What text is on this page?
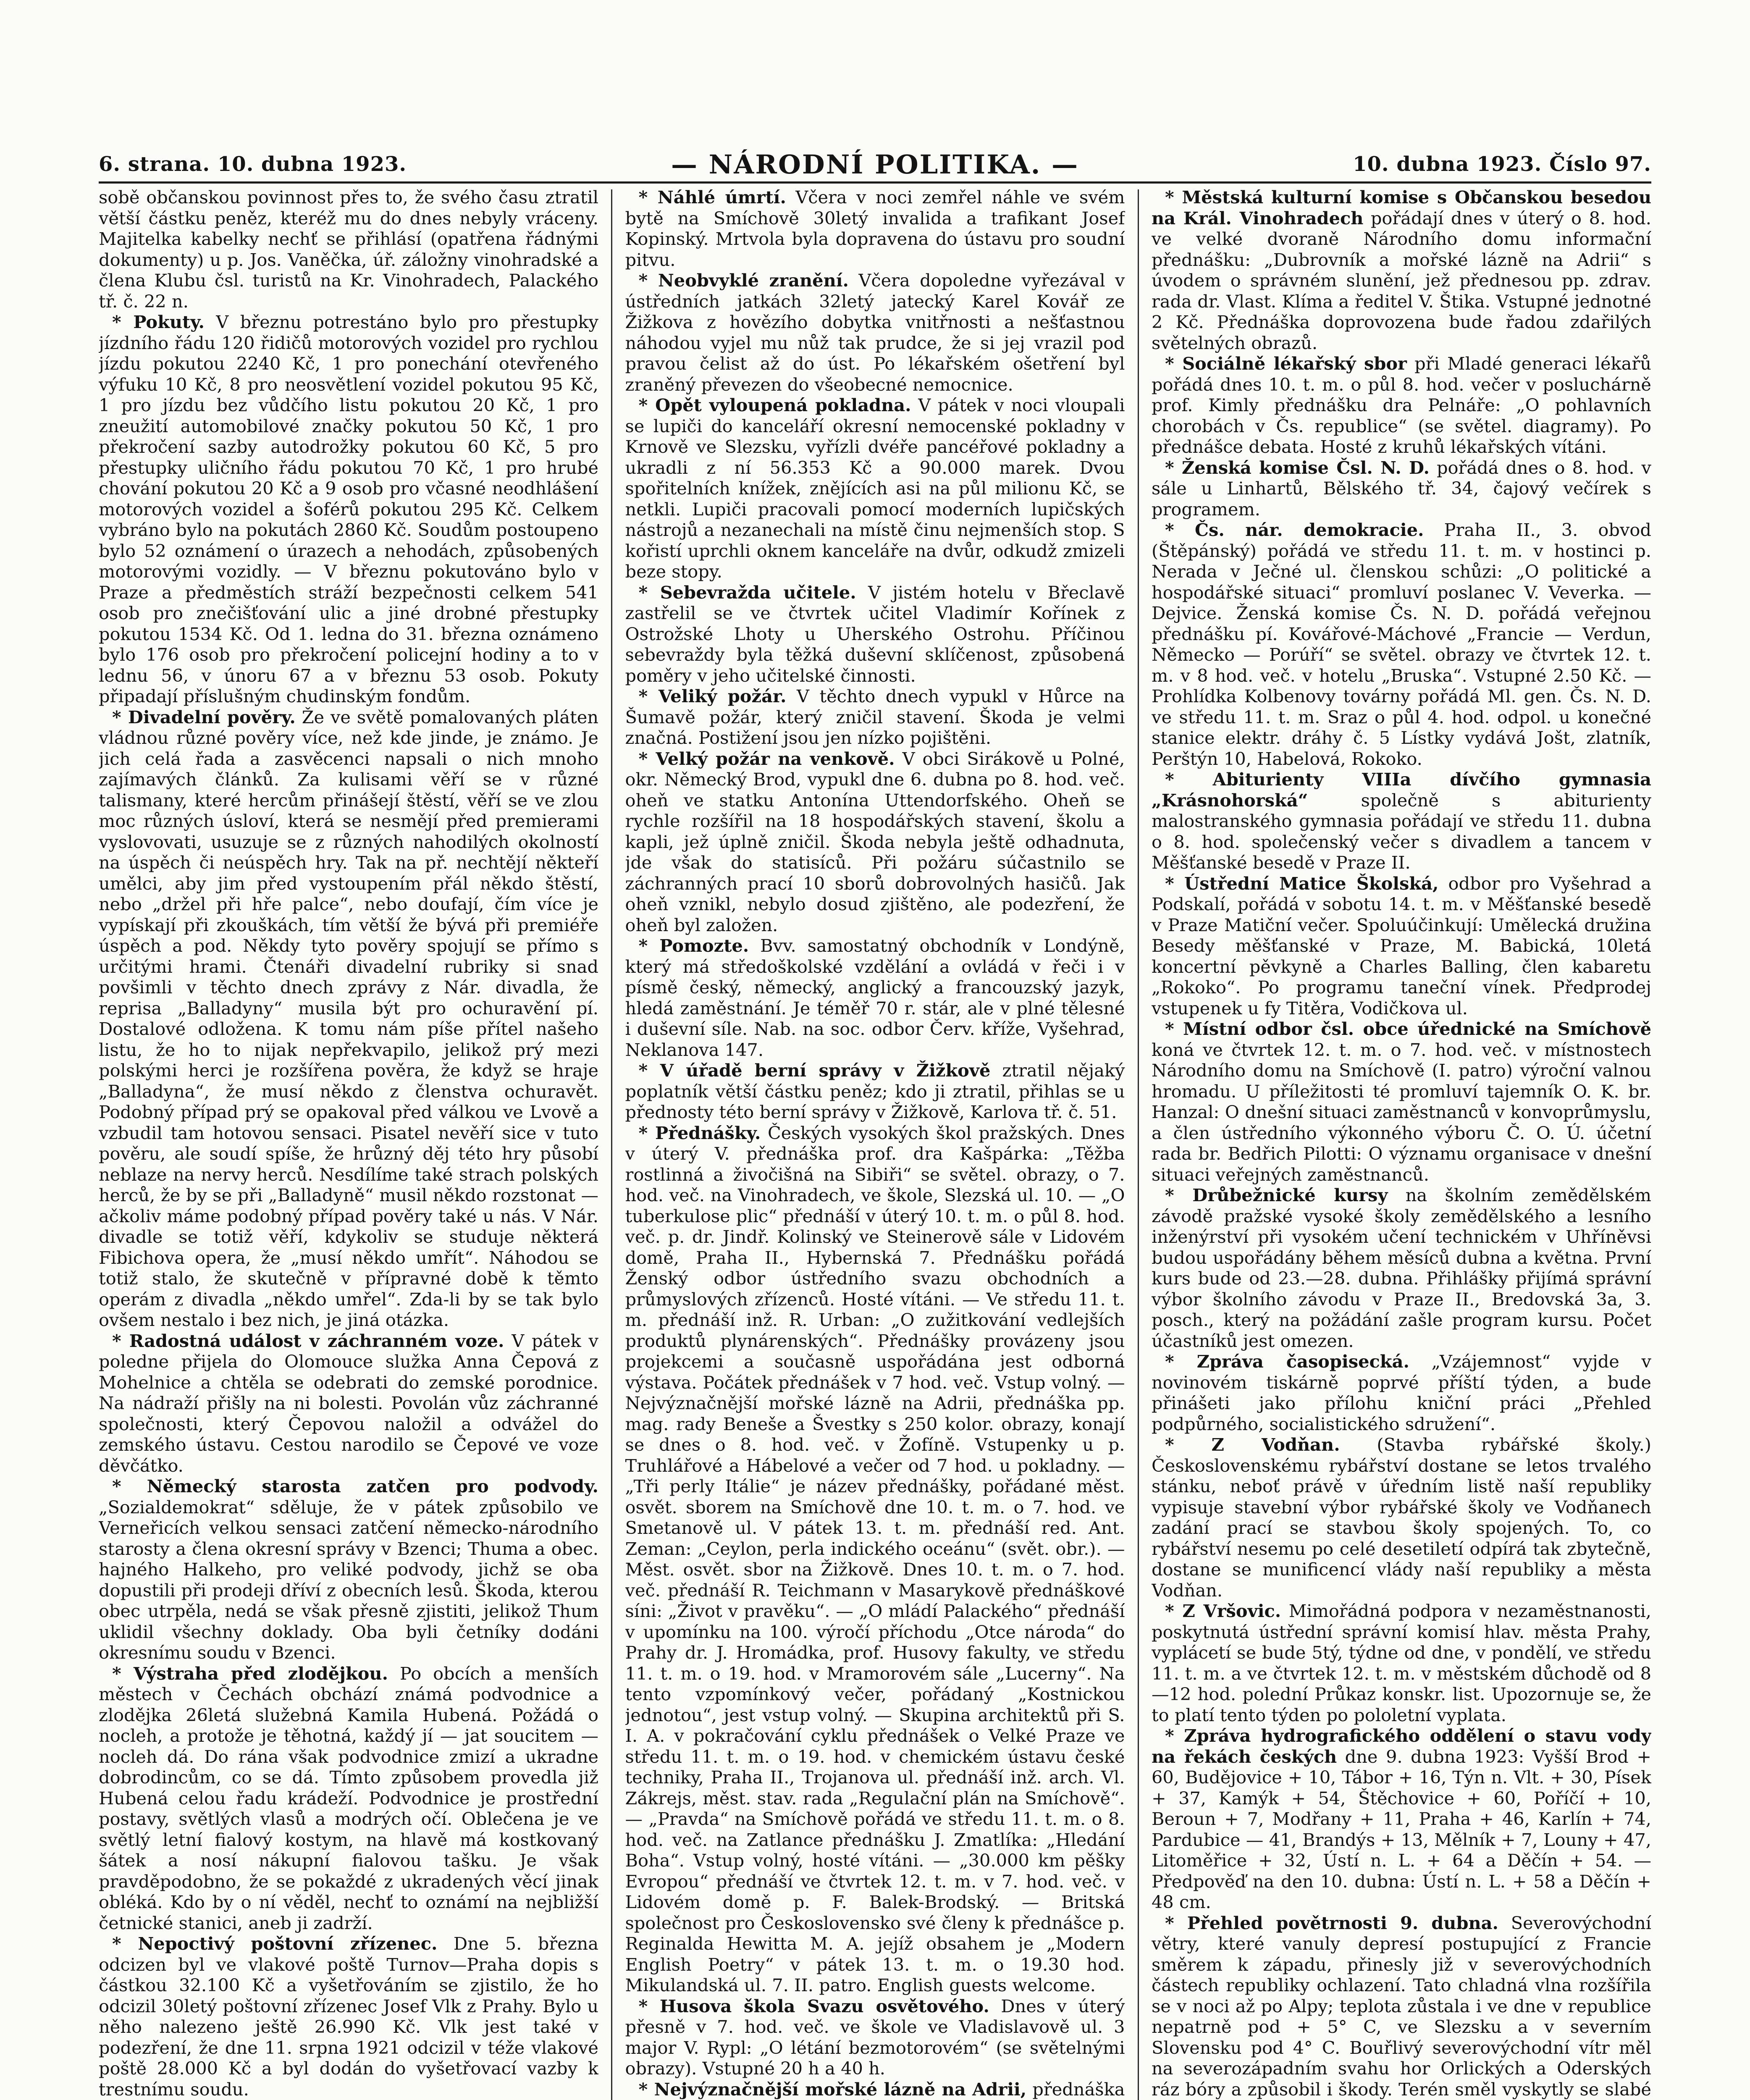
6. strana. 10. dubna 1923.	— NÁRODNÍ POLITIKA. —	10. dubna 1923. Číslo 97.

sobě občanskou povinnost přes to, že svého času ztratil větší částku peněz, kteréž mu do dnes nebyly vráceny. Majitelka kabelky nechť se přihlásí (opatřena řádnými dokumenty) u p. Jos. Vaněčka, úř. záložny vinohradské a člena Klubu čsl. turistů na Kr. Vinohradech, Palackého tř. č. 22 n.

* Pokuty. V březnu potrestáno bylo pro přestupky jízdního řádu 120 řidičů motorových vozidel pro rychlou jízdu pokutou 2240 Kč, 1 pro ponechání otevřeného výfuku 10 Kč, 8 pro neosvětlení vozidel pokutou 95 Kč, 1 pro jízdu bez vůdčího listu pokutou 20 Kč, 1 pro zneužití automobilové značky pokutou 50 Kč, 1 pro překročení sazby autodrožky pokutou 60 Kč, 5 pro přestupky uličního řádu pokutou 70 Kč, 1 pro hrubé chování pokutou 20 Kč a 9 osob pro včasné neodhlášení motorových vozidel a šoférů pokutou 295 Kč. Celkem vybráno bylo na pokutách 2860 Kč. Soudům postoupeno bylo 52 oznámení o úrazech a nehodách, způsobených motorovými vozidly. — V březnu pokutováno bylo v Praze a předměstích stráží bezpečnosti celkem 541 osob pro znečišťování ulic a jiné drobné přestupky pokutou 1534 Kč. Od 1. ledna do 31. března oznámeno bylo 176 osob pro překročení policejní hodiny a to v lednu 56, v únoru 67 a v březnu 53 osob. Pokuty připadají příslušným chudinským fondům.

* Divadelní pověry. Že ve světě pomalovaných pláten vládnou různé pověry více, než kde jinde, je známo. Je jich celá řada a zasvěcenci napsali o nich mnoho zajímavých článků. Za kulisami věří se v různé talismany, které hercům přinášejí štěstí, věří se ve zlou moc různých úsloví, která se nesmějí před premierami vyslovovati, usuzuje se z různých nahodilých okolností na úspěch či neúspěch hry. Tak na př. nechtějí někteří umělci, aby jim před vystoupením přál někdo štěstí, nebo „držel při hře palce“, nebo doufají, čím více je vypískají při zkouškách, tím větší že bývá při premiéře úspěch a pod. Někdy tyto pověry spojují se přímo s určitými hrami. Čtenáři divadelní rubriky si snad povšimli v těchto dnech zprávy z Nár. divadla, že reprisa „Balladyny“ musila být pro ochuravění pí. Dostalové odložena. K tomu nám píše přítel našeho listu, že ho to nijak nepřekvapilo, jelikož prý mezi polskými herci je rozšířena pověra, že když se hraje „Balladyna“, že musí někdo z členstva ochuravět. Podobný případ prý se opakoval před válkou ve Lvově a vzbudil tam hotovou sensaci. Pisatel nevěří sice v tuto pověru, ale soudí spíše, že hrůzný děj této hry působí neblaze na nervy herců. Nesdílíme také strach polských herců, že by se při „Balladyně“ musil někdo rozstonat — ačkoliv máme podobný případ pověry také u nás. V Nár. divadle se totiž věří, kdykoliv se studuje některá Fibichova opera, že „musí někdo umřít“. Náhodou se totiž stalo, že skutečně v přípravné době k těmto operám z divadla „někdo umřel“. Zda-li by se tak bylo ovšem nestalo i bez nich, je jiná otázka.

* Radostná událost v záchranném voze. V pátek v poledne přijela do Olomouce služka Anna Čepová z Mohelnice a chtěla se odebrati do zemské porodnice. Na nádraží přišly na ni bolesti. Povolán vůz záchranné společnosti, který Čepovou naložil a odvážel do zemského ústavu. Cestou narodilo se Čepové ve voze děvčátko.

* Německý starosta zatčen pro podvody. „Sozialdemokrat“ sděluje, že v pátek způsobilo ve Verneřicích velkou sensaci zatčení německo-národního starosty a člena okresní správy v Bzenci; Thuma a obec. hajného Halkeho, pro veliké podvody, jichž se oba dopustili při prodeji dříví z obecních lesů. Škoda, kterou obec utrpěla, nedá se však přesně zjistiti, jelikož Thum uklidil všechny doklady. Oba byli četníky dodáni okresnímu soudu v Bzenci.

* Výstraha před zlodějkou. Po obcích a menších městech v Čechách obchází známá podvodnice a zlodějka 26letá služebná Kamila Hubená. Požádá o nocleh, a protože je těhotná, každý jí — jat soucitem — nocleh dá. Do rána však podvodnice zmizí a ukradne dobrodincům, co se dá. Tímto způsobem provedla již Hubená celou řadu krádeží. Podvodnice je prostřední postavy, světlých vlasů a modrých očí. Oblečena je ve světlý letní fialový kostym, na hlavě má kostkovaný šátek a nosí nákupní fialovou tašku. Je však pravděpodobno, že se pokaždé z ukradených věcí jinak obléká. Kdo by o ní věděl, nechť to oznámí na nejbližší četnické stanici, aneb ji zadrží.

* Nepoctivý poštovní zřízenec. Dne 5. března odcizen byl ve vlakové poště Turnov—Praha dopis s částkou 32.100 Kč a vyšetřováním se zjistilo, že ho odcizil 30letý poštovní zřízenec Josef Vlk z Prahy. Bylo u něho nalezeno ještě 26.990 Kč. Vlk jest také v podezření, že dne 11. srpna 1921 odcizil v téže vlakové poště 28.000 Kč a byl dodán do vyšetřovací vazby k trestnímu soudu.

* Náhlé úmrtí. Včera v noci zemřel náhle ve svém bytě na Smíchově 30letý invalida a trafikant Josef Kopinský. Mrtvola byla dopravena do ústavu pro soudní pitvu.

* Neobvyklé zranění. Včera dopoledne vyřezával v ústředních jatkách 32letý jatecký Karel Kovář ze Žižkova z hovězího dobytka vnitřnosti a nešťastnou náhodou vyjel mu nůž tak prudce, že si jej vrazil pod pravou čelist až do úst. Po lékařském ošetření byl zraněný převezen do všeobecné nemocnice.

* Opět vyloupená pokladna. V pátek v noci vloupali se lupiči do kanceláří okresní nemocenské pokladny v Krnově ve Slezsku, vyřízli dvéře pancéřové pokladny a ukradli z ní 56.353 Kč a 90.000 marek. Dvou spořitelních knížek, znějících asi na půl milionu Kč, se netkli. Lupiči pracovali pomocí moderních lupičských nástrojů a nezanechali na místě činu nejmenších stop. S kořistí uprchli oknem kanceláře na dvůr, odkudž zmizeli beze stopy.

* Sebevražda učitele. V jistém hotelu v Břeclavě zastřelil se ve čtvrtek učitel Vladimír Kořínek z Ostrožské Lhoty u Uherského Ostrohu. Příčinou sebevraždy byla těžká duševní sklíčenost, způsobená poměry v jeho učitelské činnosti.

* Veliký požár. V těchto dnech vypukl v Hůrce na Šumavě požár, který zničil stavení. Škoda je velmi značná. Postižení jsou jen nízko pojištěni.

* Velký požár na venkově. V obci Sirákově u Polné, okr. Německý Brod, vypukl dne 6. dubna po 8. hod. več. oheň ve statku Antonína Uttendorfského. Oheň se rychle rozšířil na 18 hospodářských stavení, školu a kapli, jež úplně zničil. Škoda nebyla ještě odhadnuta, jde však do statisíců. Při požáru súčastnilo se záchranných prací 10 sborů dobrovolných hasičů. Jak oheň vznikl, nebylo dosud zjištěno, ale podezření, že oheň byl založen.

* Pomozte. Bvv. samostatný obchodník v Londýně, který má středoškolské vzdělání a ovládá v řeči i v písmě český, německý, anglický a francouzský jazyk, hledá zaměstnání. Je téměř 70 r. stár, ale v plné tělesné i duševní síle. Nab. na soc. odbor Červ. kříže, Vyšehrad, Neklanova 147.

* V úřadě berní správy v Žižkově ztratil nějaký poplatník větší částku peněz; kdo ji ztratil, přihlas se u přednosty této berní správy v Žižkově, Karlova tř. č. 51.

* Přednášky. Českých vysokých škol pražských. Dnes v úterý V. přednáška prof. dra Kašpárka: „Těžba rostlinná a živočišná na Sibiři“ se světel. obrazy, o 7. hod. več. na Vinohradech, ve škole, Slezská ul. 10. — „O tuberkulose plic“ přednáší v úterý 10. t. m. o půl 8. hod. več. p. dr. Jindř. Kolinský ve Steinerově sále v Lidovém domě, Praha II., Hybernská 7. Přednášku pořádá Ženský odbor ústředního svazu obchodních a průmyslových zřízenců. Hosté vítáni. — Ve středu 11. t. m. přednáší inž. R. Urban: „O zužitkování vedlejších produktů plynárenských“. Přednášky provázeny jsou projekcemi a současně uspořádána jest odborná výstava. Počátek přednášek v 7 hod. več. Vstup volný. — Nejvýznačnější mořské lázně na Adrii, přednáška pp. mag. rady Beneše a Švestky s 250 kolor. obrazy, konají se dnes o 8. hod. več. v Žofíně. Vstupenky u p. Truhlářové a Hábelové a večer od 7 hod. u pokladny. — „Tři perly Itálie“ je název přednášky, pořádané měst. osvět. sborem na Smíchově dne 10. t. m. o 7. hod. ve Smetanově ul. V pátek 13. t. m. přednáší red. Ant. Zeman: „Ceylon, perla indického oceánu“ (svět. obr.). — Měst. osvět. sbor na Žižkově. Dnes 10. t. m. o 7. hod. več. přednáší R. Teichmann v Masarykově přednáškové síni: „Život v pravěku“. — „O mládí Palackého“ přednáší v upomínku na 100. výročí příchodu „Otce národa“ do Prahy dr. J. Hromádka, prof. Husovy fakulty, ve středu 11. t. m. o 19. hod. v Mramorovém sále „Lucerny“. Na tento vzpomínkový večer, pořádaný „Kostnickou jednotou“, jest vstup volný. — Skupina architektů při S. I. A. v pokračování cyklu přednášek o Velké Praze ve středu 11. t. m. o 19. hod. v chemickém ústavu české techniky, Praha II., Trojanova ul. přednáší inž. arch. Vl. Zákrejs, měst. stav. rada „Regulační plán na Smíchově“. — „Pravda“ na Smíchově pořádá ve středu 11. t. m. o 8. hod. več. na Zatlance přednášku J. Zmatlíka: „Hledání Boha“. Vstup volný, hosté vítáni. — „30.000 km pěšky Evropou“ přednáší ve čtvrtek 12. t. m. v 7. hod. več. v Lidovém domě p. F. Balek-Brodský. — Britská společnost pro Československo své členy k přednášce p. Reginalda Hewitta M. A. jejíž obsahem je „Modern English Poetry“ v pátek 13. t. m. o 19.30 hod. Mikulandská ul. 7. II. patro. English guests welcome.

* Husova škola Svazu osvětového. Dnes v úterý přesně v 7. hod. več. ve škole ve Vladislavově ul. 3 major V. Rypl: „O létání bezmotorovém“ (se světelnými obrazy). Vstupné 20 h a 40 h.

* Nejvýznačnější mořské lázně na Adrii, přednáška

* Městská kulturní komise s Občanskou besedou na Král. Vinohradech pořádají dnes v úterý o 8. hod. ve velké dvoraně Národního domu informační přednášku: „Dubrovník a mořské lázně na Adrii“ s úvodem o správném slunění, jež přednesou pp. zdrav. rada dr. Vlast. Klíma a ředitel V. Štika. Vstupné jednotné 2 Kč. Přednáška doprovozena bude řadou zdařilých světelných obrazů.

* Sociálně lékařský sbor při Mladé generaci lékařů pořádá dnes 10. t. m. o půl 8. hod. večer v posluchárně prof. Kimly přednášku dra Pelnáře: „O pohlavních chorobách v Čs. republice“ (se světel. diagramy). Po přednášce debata. Hosté z kruhů lékařských vítáni.

* Ženská komise Čsl. N. D. pořádá dnes o 8. hod. v sále u Linhartů, Bělského tř. 34, čajový večírek s programem.

* Čs. nár. demokracie. Praha II., 3. obvod (Štěpánský) pořádá ve středu 11. t. m. v hostinci p. Nerada v Ječné ul. členskou schůzi: „O politické a hospodářské situaci“ promluví poslanec V. Veverka. — Dejvice. Ženská komise Čs. N. D. pořádá veřejnou přednášku pí. Kovářové-Máchové „Francie — Verdun, Německo — Porúří“ se světel. obrazy ve čtvrtek 12. t. m. v 8 hod. več. v hotelu „Bruska“. Vstupné 2.50 Kč. — Prohlídka Kolbenovy továrny pořádá Ml. gen. Čs. N. D. ve středu 11. t. m. Sraz o půl 4. hod. odpol. u konečné stanice elektr. dráhy č. 5 Lístky vydává Jošt, zlatník, Perštýn 10, Habelová, Rokoko.

* Abiturienty VIIIa dívčího gymnasia „Krásnohorská“	společně s abiturienty malostranského gymnasia pořádají ve středu 11. dubna o 8. hod. společenský večer s divadlem a tancem v Měšťanské besedě v Praze II.

* Ústřední Matice Školská, odbor pro Vyšehrad a Podskalí, pořádá v sobotu 14. t. m. v Měšťanské besedě v Praze Matiční večer. Spoluúčinkují: Umělecká družina Besedy měšťanské v Praze, M. Babická, 10letá koncertní pěvkyně a Charles Balling, člen kabaretu „Rokoko“. Po programu taneční vínek. Předprodej vstupenek u fy Titěra, Vodičkova ul.

* Místní odbor čsl. obce úřednické na Smíchově koná ve čtvrtek 12. t. m. o 7. hod. več. v místnostech Národního domu na Smíchově (I. patro) výroční valnou hromadu. U příležitosti té promluví tajemník O. K. br. Hanzal: O dnešní situaci zaměstnanců v konvoprůmyslu, a člen ústředního výkonného výboru Č. O. Ú. účetní rada br. Bedřich Pilotti: O významu organisace v dnešní situaci veřejných zaměstnanců.

* Drůbežnické kursy na školním zemědělském závodě pražské vysoké školy zemědělského a lesního inženýrství při vysokém učení technickém v Uhříněvsi budou uspořádány během měsíců dubna a května. První kurs bude od 23.—28. dubna. Přihlášky přijímá správní výbor školního závodu v Praze II., Bredovská 3a, 3. posch., který na požádání zašle program kursu. Počet účastníků jest omezen.

* Zpráva časopisecká. „Vzájemnost“ vyjde v novinovém tiskárně poprvé příští týden, a bude přinášeti jako přílohu kniční práci „Přehled podpůrného, socialistického sdružení“.

* Z Vodňan. (Stavba rybářské školy.) Československému rybářství dostane se letos trvalého stánku, neboť právě v úředním listě naší republiky vypisuje stavební výbor rybářské školy ve Vodňanech zadání prací se stavbou školy spojených. To, co rybářství nesemu po celé desetiletí odpírá tak zbytečně, dostane se munificencí vlády naší republiky a města Vodňan.

* Z Vršovic. Mimořádná podpora v nezaměstnanosti, poskytnutá ústřední správní komisí hlav. města Prahy, vyplácetí se bude 5tý, týdne od dne, v pondělí, ve středu 11. t. m. a ve čtvrtek 12. t. m. v městském důchodě od 8—12 hod. polední Průkaz konskr. list. Upozornuje se, že to platí tento týden po pololetní vyplata.

* Zpráva hydrografického oddělení o stavu vody na řekách českých dne 9. dubna 1923: Vyšší Brod + 60, Budějovice + 10, Tábor + 16, Týn n. Vlt. + 30, Písek + 37, Kamýk + 54, Štěchovice + 60, Poříčí + 10, Beroun + 7, Modřany + 11, Praha + 46, Karlín + 74, Pardubice — 41, Brandýs + 13, Mělník + 7, Louny + 47, Litoměřice + 32, Ústí n. L. + 64 a Děčín + 54. — Předpověď na den 10. dubna: Ústí n. L. + 58 a Děčín + 48 cm.

* Přehled povětrnosti 9. dubna. Severovýchodní větry, které vanuly depresí postupující z Francie směrem k západu, přinesly již v severovýchodních částech republiky ochlazení. Tato chladná vlna rozšířila se v noci až po Alpy; teplota zůstala i ve dne v republice nepatrně pod + 5° C, ve Slezsku a v severním Slovensku pod 4° C. Bouřlivý severovýchodní vítr měl na severozápadním svahu hor Orlických a Oderských ráz bóry a způsobil i škody. Terén směl vyskytly se slabé
